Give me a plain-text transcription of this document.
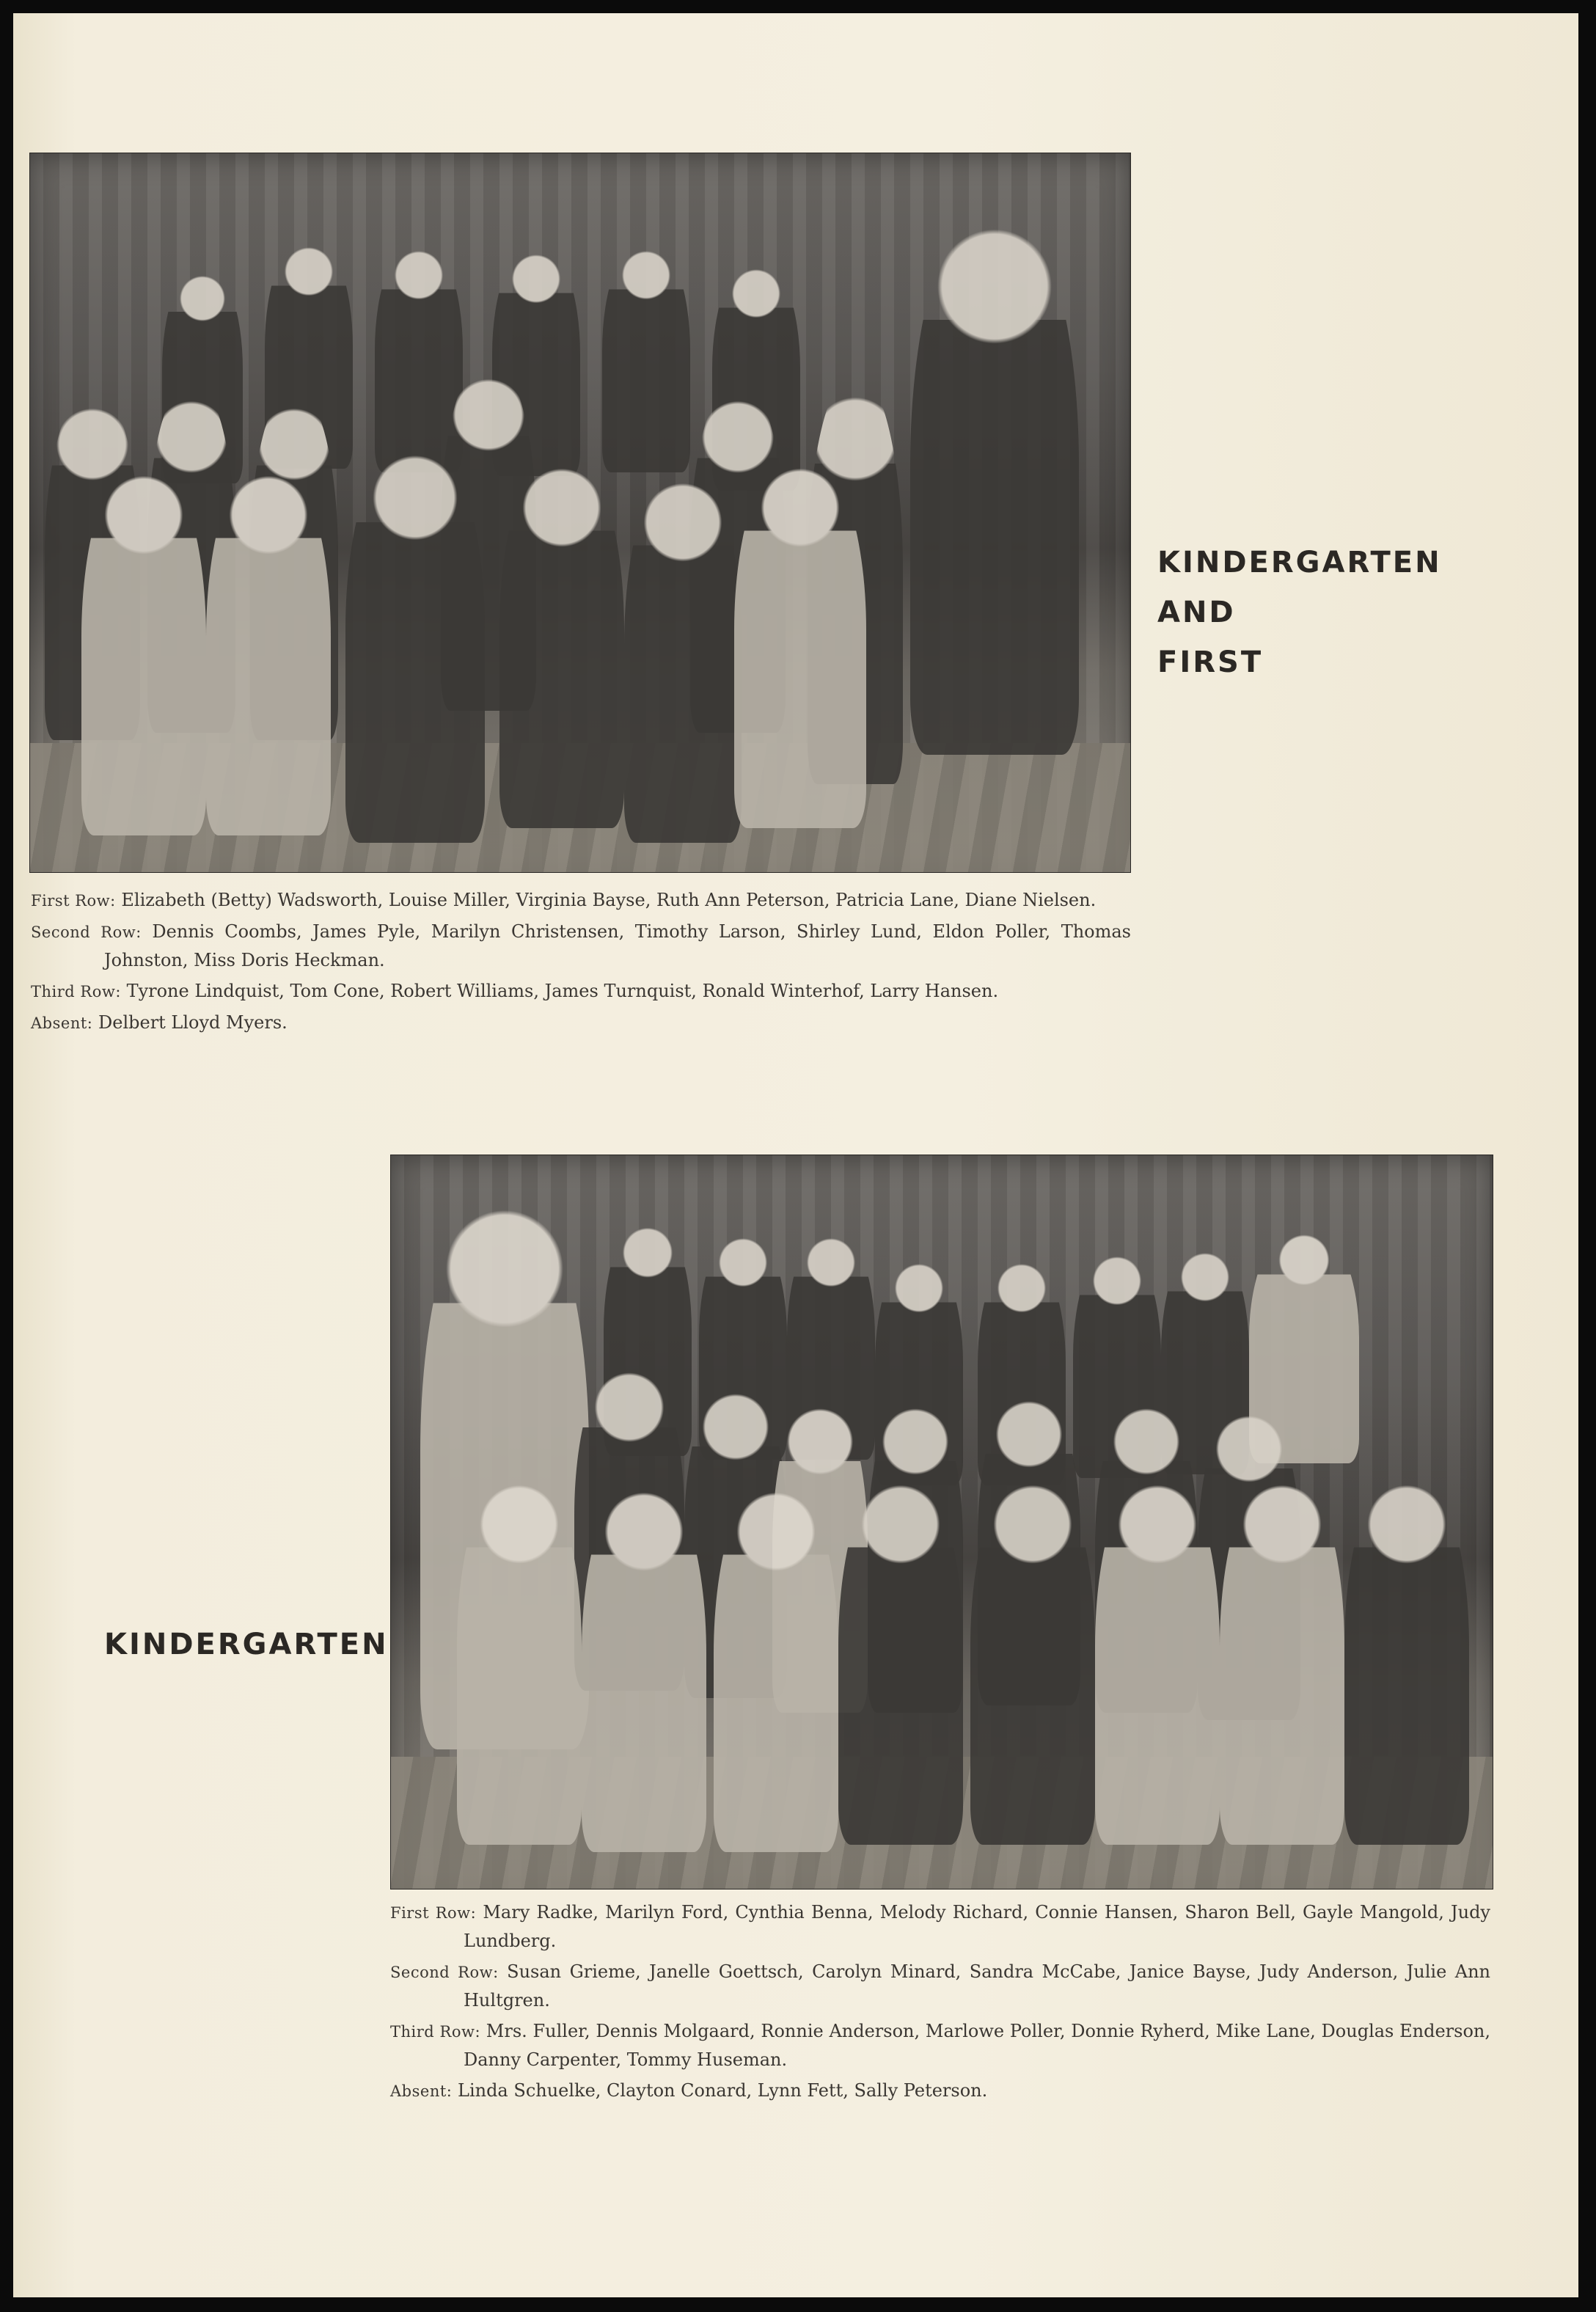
KINDERGARTEN
AND
FIRST

First Row: Elizabeth (Betty) Wadsworth, Louise Miller, Virginia Bayse, Ruth Ann Peterson, Patricia Lane, Diane Nielsen.

Second Row: Dennis Coombs, James Pyle, Marilyn Christensen, Timothy Larson, Shirley Lund, Eldon Poller, Thomas Johnston, Miss Doris Heckman.

Third Row: Tyrone Lindquist, Tom Cone, Robert Williams, James Turnquist, Ronald Winterhof, Larry Hansen.

Absent: Delbert Lloyd Myers.

KINDERGARTEN

First Row: Mary Radke, Marilyn Ford, Cynthia Benna, Melody Richard, Connie Hansen, Sharon Bell, Gayle Mangold, Judy Lundberg.

Second Row: Susan Grieme, Janelle Goettsch, Carolyn Minard, Sandra McCabe, Janice Bayse, Judy Anderson, Julie Ann Hultgren.

Third Row: Mrs. Fuller, Dennis Molgaard, Ronnie Anderson, Marlowe Poller, Donnie Ryherd, Mike Lane, Douglas Enderson, Danny Carpenter, Tommy Huseman.

Absent: Linda Schuelke, Clayton Conard, Lynn Fett, Sally Peterson.
